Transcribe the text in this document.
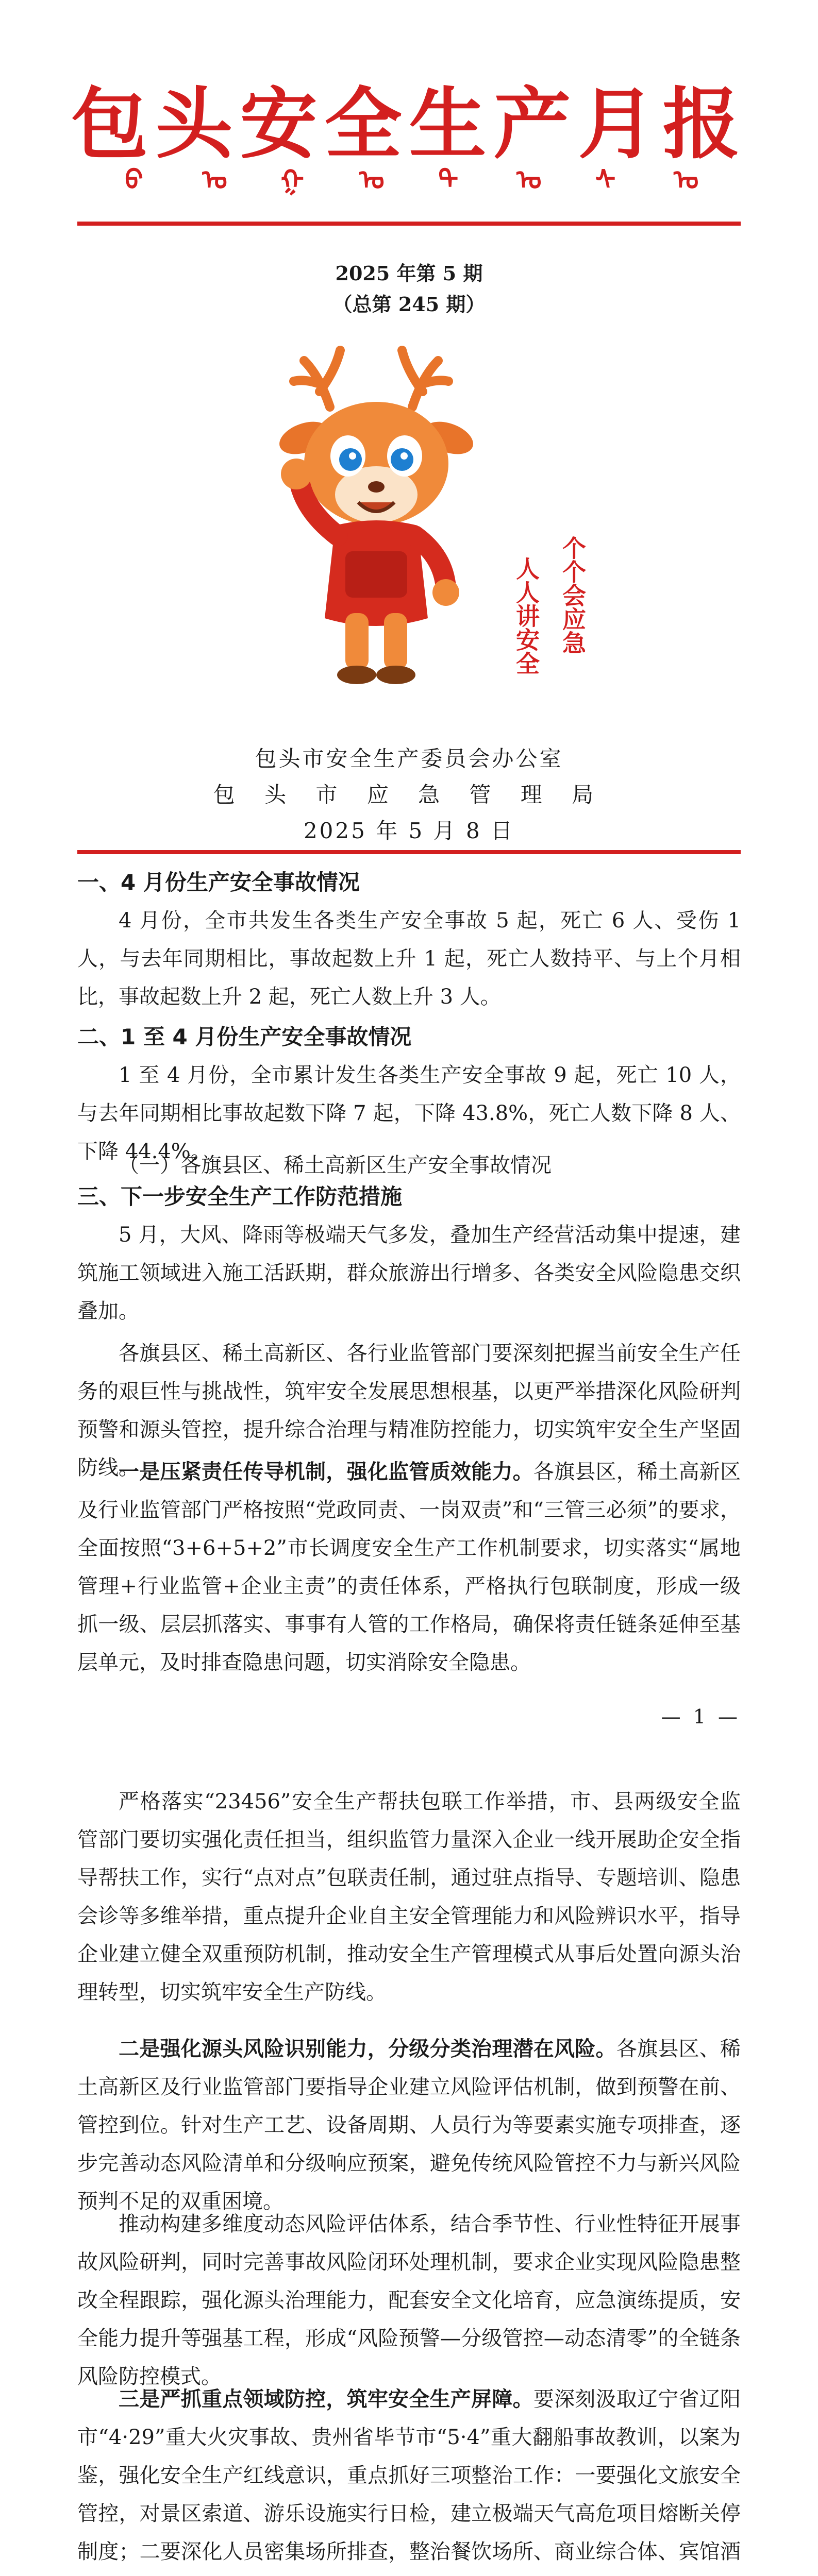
包头安全生产月报
ᠪ ᠣ ᠭ ᠣ ᠲ ᠣ ᠰ ᠤ
2025 年第 5 期
（总第 245 期）
人人讲安全 个个会应急
包头市安全生产委员会办公室
包 头 市 应 急 管 理 局
2025 年 5 月 8 日
一、4 月份生产安全事故情况
4 月份，全市共发生各类生产安全事故 5 起，死亡 6 人、受伤 1 人，与去年同期相比，事故起数上升 1 起，死亡人数持平、与上个月相比，事故起数上升 2 起，死亡人数上升 3 人。
二、1 至 4 月份生产安全事故情况
1 至 4 月份，全市累计发生各类生产安全事故 9 起，死亡 10 人，与去年同期相比事故起数下降 7 起，下降 43.8%，死亡人数下降 8 人、下降 44.4%。
（一）各旗县区、稀土高新区生产安全事故情况
三、下一步安全生产工作防范措施
5 月，大风、降雨等极端天气多发，叠加生产经营活动集中提速，建筑施工领域进入施工活跃期，群众旅游出行增多、各类安全风险隐患交织叠加。
各旗县区、稀土高新区、各行业监管部门要深刻把握当前安全生产任务的艰巨性与挑战性，筑牢安全发展思想根基，以更严举措深化风险研判预警和源头管控，提升综合治理与精准防控能力，切实筑牢安全生产坚固防线。
一是压紧责任传导机制，强化监管质效能力。各旗县区，稀土高新区及行业监管部门严格按照“党政同责、一岗双责”和“三管三必须”的要求，全面按照“3+6+5+2”市长调度安全生产工作机制要求，切实落实“属地管理+行业监管+企业主责”的责任体系，严格执行包联制度，形成一级抓一级、层层抓落实、事事有人管的工作格局，确保将责任链条延伸至基层单元，及时排查隐患问题，切实消除安全隐患。
— 1 —
严格落实“23456”安全生产帮扶包联工作举措，市、县两级安全监管部门要切实强化责任担当，组织监管力量深入企业一线开展助企安全指导帮扶工作，实行“点对点”包联责任制，通过驻点指导、专题培训、隐患会诊等多维举措，重点提升企业自主安全管理能力和风险辨识水平，指导企业建立健全双重预防机制，推动安全生产管理模式从事后处置向源头治理转型，切实筑牢安全生产防线。
二是强化源头风险识别能力，分级分类治理潜在风险。各旗县区、稀土高新区及行业监管部门要指导企业建立风险评估机制，做到预警在前、管控到位。针对生产工艺、设备周期、人员行为等要素实施专项排查，逐步完善动态风险清单和分级响应预案，避免传统风险管控不力与新兴风险预判不足的双重困境。
推动构建多维度动态风险评估体系，结合季节性、行业性特征开展事故风险研判，同时完善事故风险闭环处理机制，要求企业实现风险隐患整改全程跟踪，强化源头治理能力，配套安全文化培育，应急演练提质，安全能力提升等强基工程，形成“风险预警—分级管控—动态清零”的全链条风险防控模式。
三是严抓重点领域防控，筑牢安全生产屏障。要深刻汲取辽宁省辽阳市“4·29”重大火灾事故、贵州省毕节市“5·4”重大翻船事故教训，以案为鉴，强化安全生产红线意识，重点抓好三项整治工作：一要强化文旅安全管控，对景区索道、游乐设施实行日检，建立极端天气高危项目熔断关停制度；二要深化人员密集场所排查，整治餐饮场所、商业综合体、宾馆酒
